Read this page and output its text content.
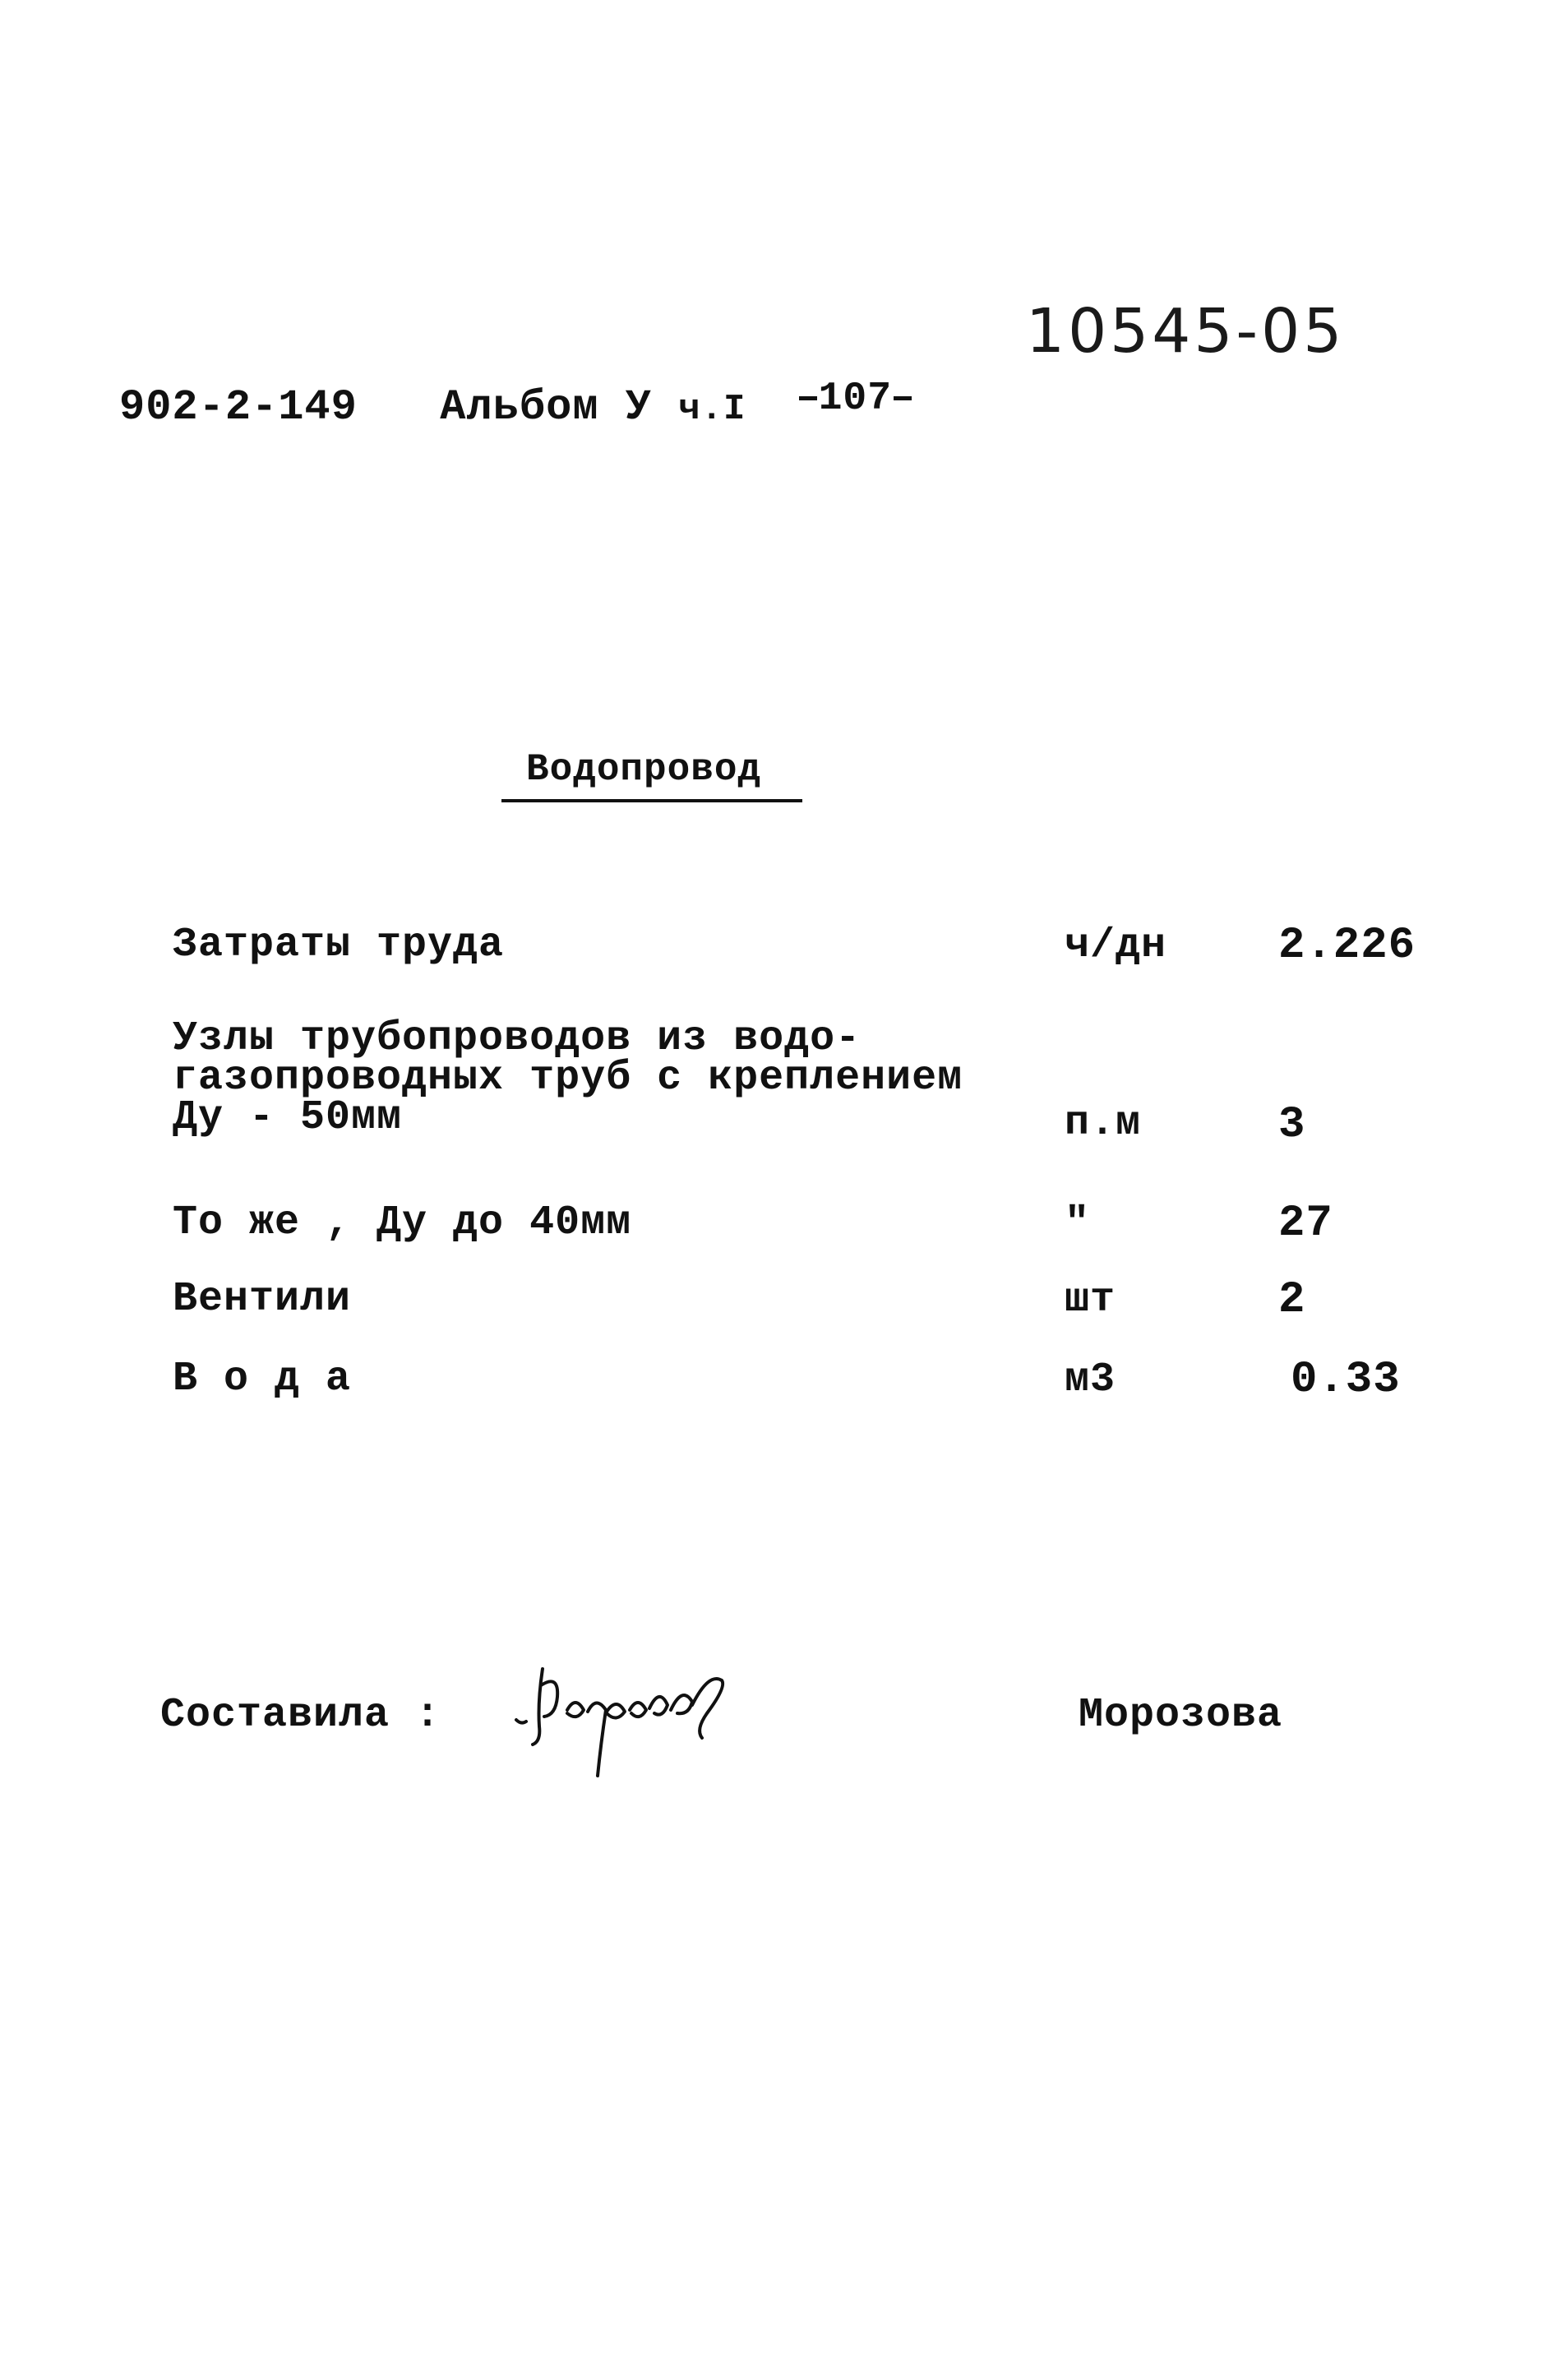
10545-05
902-2-149 Альбом У ч.I 107
Водопровод
Затраты труда	ч/дн	2.226
Узлы трубопроводов из водо-
газопроводных труб с креплением
Ду - 50мм	п.м	3
То же , Ду до 40мм	"	27
Вентили	шт	2
В о д а	м3	0.33
Составила :	Морозова
